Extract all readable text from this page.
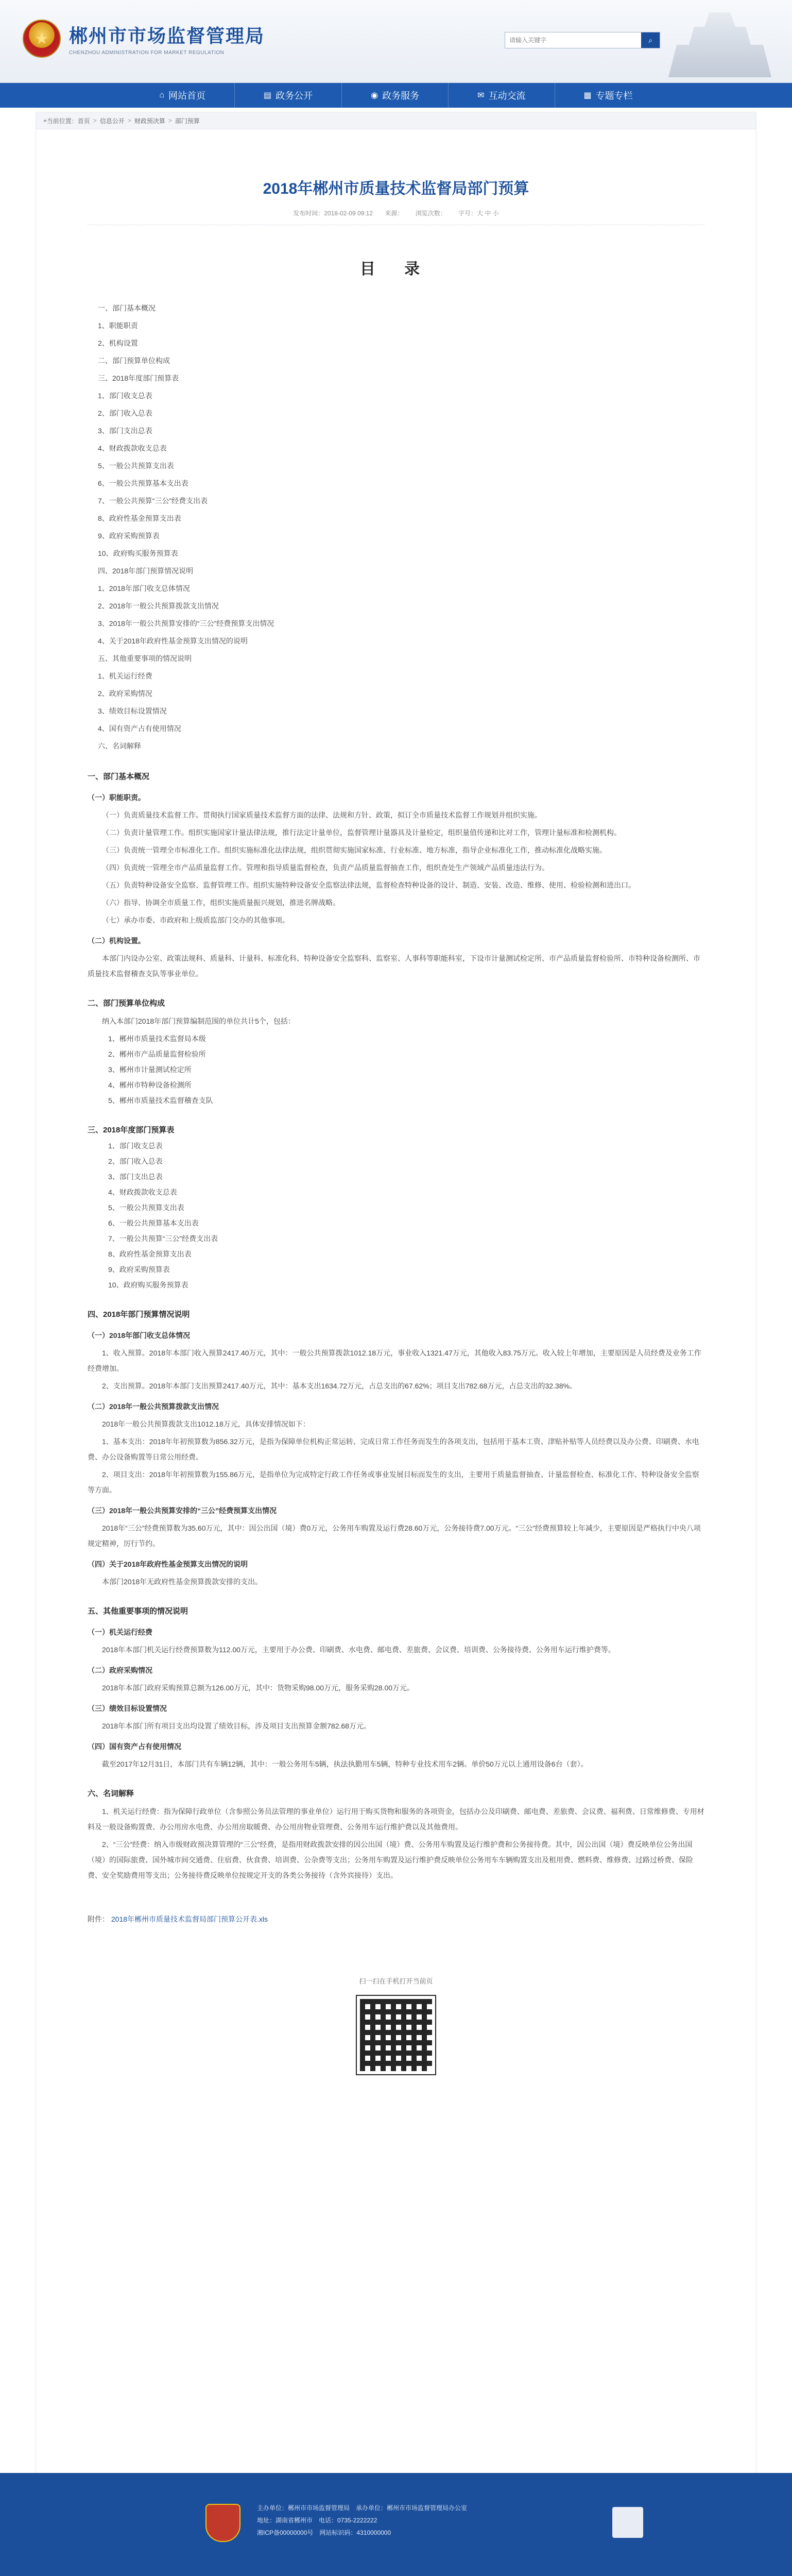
★	郴州市市场监督管理局
CHENZHOU ADMINISTRATION FOR MARKET REGULATION
请输入关键字
⌕
⌂ 网站首页	▤ 政务公开	◉ 政务服务	✉ 互动交流	▦ 专题专栏
⌖ 当前位置： 首页 > 信息公开 > 财政预决算 > 部门预算
2018年郴州市质量技术监督局部门预算
发布时间：2018-02-09 09:12 来源： 浏览次数： 字号：大 中 小
目 录
一、部门基本概况
1、职能职责
2、机构设置
二、部门预算单位构成
三、2018年度部门预算表
1、部门收支总表
2、部门收入总表
3、部门支出总表
4、财政拨款收支总表
5、一般公共预算支出表
6、一般公共预算基本支出表
7、一般公共预算“三公”经费支出表
8、政府性基金预算支出表
9、政府采购预算表
10、政府购买服务预算表
四、2018年部门预算情况说明
1、2018年部门收支总体情况
2、2018年一般公共预算拨款支出情况
3、2018年一般公共预算安排的“三公”经费预算支出情况
4、关于2018年政府性基金预算支出情况的说明
五、其他重要事项的情况说明
1、机关运行经费
2、政府采购情况
3、绩效目标设置情况
4、国有资产占有使用情况
六、名词解释
一、部门基本概况
（一）职能职责。
（一）负责质量技术监督工作。贯彻执行国家质量技术监督方面的法律、法规和方针、政策，拟订全市质量技术监督工作规划并组织实施。
（二）负责计量管理工作。组织实施国家计量法律法规，推行法定计量单位，监督管理计量器具及计量检定，组织量值传递和比对工作，管理计量标准和检测机构。
（三）负责统一管理全市标准化工作。组织实施标准化法律法规，组织贯彻实施国家标准、行业标准、地方标准，指导企业标准化工作，推动标准化战略实施。
（四）负责统一管理全市产品质量监督工作。管理和指导质量监督检查，负责产品质量监督抽查工作，组织查处生产领域产品质量违法行为。
（五）负责特种设备安全监察、监督管理工作。组织实施特种设备安全监察法律法规，监督检查特种设备的设计、制造、安装、改造、维修、使用、检验检测和进出口。
（六）指导、协调全市质量工作，组织实施质量振兴规划，推进名牌战略。
（七）承办市委、市政府和上级质监部门交办的其他事项。
（二）机构设置。
本部门内设办公室、政策法规科、质量科、计量科、标准化科、特种设备安全监察科、监察室、人事科等职能科室，下设市计量测试检定所、市产品质量监督检验所、市特种设备检测所、市质量技术监督稽查支队等事业单位。
二、部门预算单位构成
纳入本部门2018年部门预算编制范围的单位共计5个，包括：
1、郴州市质量技术监督局本级
2、郴州市产品质量监督检验所
3、郴州市计量测试检定所
4、郴州市特种设备检测所
5、郴州市质量技术监督稽查支队
三、2018年度部门预算表
1、部门收支总表
2、部门收入总表
3、部门支出总表
4、财政拨款收支总表
5、一般公共预算支出表
6、一般公共预算基本支出表
7、一般公共预算“三公”经费支出表
8、政府性基金预算支出表
9、政府采购预算表
10、政府购买服务预算表
四、2018年部门预算情况说明
（一）2018年部门收支总体情况
1、收入预算。2018年本部门收入预算2417.40万元，其中：一般公共预算拨款1012.18万元，事业收入1321.47万元，其他收入83.75万元。收入较上年增加，主要原因是人员经费及业务工作经费增加。
2、支出预算。2018年本部门支出预算2417.40万元，其中：基本支出1634.72万元，占总支出的67.62%；项目支出782.68万元，占总支出的32.38%。
（二）2018年一般公共预算拨款支出情况
2018年一般公共预算拨款支出1012.18万元，具体安排情况如下：
1、基本支出：2018年年初预算数为856.32万元，是指为保障单位机构正常运转、完成日常工作任务而发生的各项支出，包括用于基本工资、津贴补贴等人员经费以及办公费、印刷费、水电费、办公设备购置等日常公用经费。
2、项目支出：2018年年初预算数为155.86万元，是指单位为完成特定行政工作任务或事业发展目标而发生的支出，主要用于质量监督抽查、计量监督检查、标准化工作、特种设备安全监察等方面。
（三）2018年一般公共预算安排的“三公”经费预算支出情况
2018年“三公”经费预算数为35.60万元，其中：因公出国（境）费0万元，公务用车购置及运行费28.60万元，公务接待费7.00万元。“三公”经费预算较上年减少，主要原因是严格执行中央八项规定精神，厉行节约。
（四）关于2018年政府性基金预算支出情况的说明
本部门2018年无政府性基金预算拨款安排的支出。
五、其他重要事项的情况说明
（一）机关运行经费
2018年本部门机关运行经费预算数为112.00万元，主要用于办公费、印刷费、水电费、邮电费、差旅费、会议费、培训费、公务接待费、公务用车运行维护费等。
（二）政府采购情况
2018年本部门政府采购预算总额为126.00万元，其中：货物采购98.00万元，服务采购28.00万元。
（三）绩效目标设置情况
2018年本部门所有项目支出均设置了绩效目标，涉及项目支出预算金额782.68万元。
（四）国有资产占有使用情况
截至2017年12月31日，本部门共有车辆12辆，其中：一般公务用车5辆，执法执勤用车5辆，特种专业技术用车2辆。单价50万元以上通用设备6台（套）。
六、名词解释
1、机关运行经费：指为保障行政单位（含参照公务员法管理的事业单位）运行用于购买货物和服务的各项资金，包括办公及印刷费、邮电费、差旅费、会议费、福利费、日常维修费、专用材料及一般设备购置费、办公用房水电费、办公用房取暖费、办公用房物业管理费、公务用车运行维护费以及其他费用。
2、“三公”经费：纳入市级财政预决算管理的“三公”经费，是指用财政拨款安排的因公出国（境）费、公务用车购置及运行维护费和公务接待费。其中，因公出国（境）费反映单位公务出国（境）的国际旅费、国外城市间交通费、住宿费、伙食费、培训费、公杂费等支出；公务用车购置及运行维护费反映单位公务用车车辆购置支出及租用费、燃料费、维修费、过路过桥费、保险费、安全奖励费用等支出；公务接待费反映单位按规定开支的各类公务接待（含外宾接待）支出。
附件： 2018年郴州市质量技术监督局部门预算公开表.xls
扫一扫在手机打开当前页
主办单位：郴州市市场监督管理局　承办单位：郴州市市场监督管理局办公室
地址：湖南省郴州市　电话：0735-2222222
湘ICP备00000000号　网站标识码：4310000000
